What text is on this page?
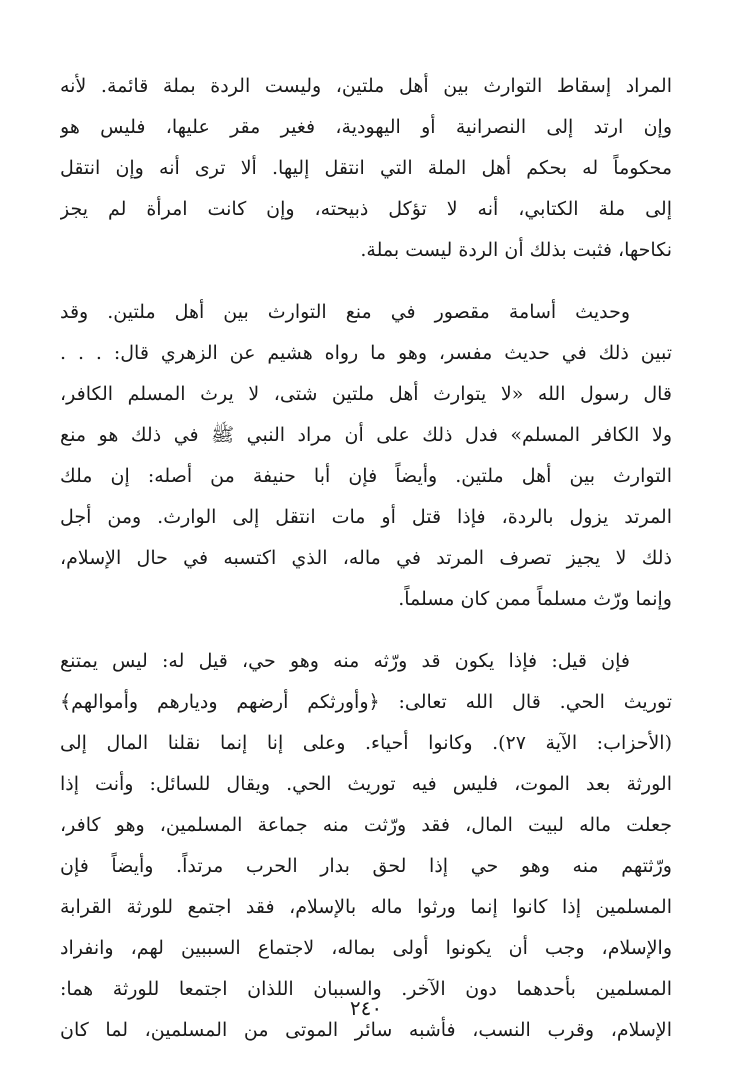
المراد إسقاط التوارث بين أهل ملتين، وليست الردة بملة قائمة. لأنه
وإن ارتد إلى النصرانية أو اليهودية، فغير مقر عليها، فليس هو
محكوماً له بحكم أهل الملة التي انتقل إليها. ألا ترى أنه وإن انتقل
إلى ملة الكتابي، أنه لا تؤكل ذبيحته، وإن كانت امرأة لم يجز
نكاحها، فثبت بذلك أن الردة ليست بملة.
وحديث أسامة مقصور في منع التوارث بين أهل ملتين. وقد
تبين ذلك في حديث مفسر، وهو ما رواه هشيم عن الزهري قال: . . .
قال رسول الله «لا يتوارث أهل ملتين شتى، لا يرث المسلم الكافر،
ولا الكافر المسلم» فدل ذلك على أن مراد النبي ﷺ في ذلك هو منع
التوارث بين أهل ملتين. وأيضاً فإن أبا حنيفة من أصله: إن ملك
المرتد يزول بالردة، فإذا قتل أو مات انتقل إلى الوارث. ومن أجل
ذلك لا يجيز تصرف المرتد في ماله، الذي اكتسبه في حال الإسلام،
وإنما ورّث مسلماً ممن كان مسلماً.
فإن قيل: فإذا يكون قد ورّثه منه وهو حي، قيل له: ليس يمتنع
توريث الحي. قال الله تعالى: ﴿وأورثكم أرضهم وديارهم وأموالهم﴾
(الأحزاب: الآية ٢٧). وكانوا أحياء. وعلى إنا إنما نقلنا المال إلى
الورثة بعد الموت، فليس فيه توريث الحي. ويقال للسائل: وأنت إذا
جعلت ماله لبيت المال، فقد ورّثت منه جماعة المسلمين، وهو كافر،
ورّثتهم منه وهو حي إذا لحق بدار الحرب مرتداً. وأيضاً فإن
المسلمين إذا كانوا إنما ورثوا ماله بالإسلام، فقد اجتمع للورثة القرابة
والإسلام، وجب أن يكونوا أولى بماله، لاجتماع السببين لهم، وانفراد
المسلمين بأحدهما دون الآخر. والسببان اللذان اجتمعا للورثة هما:
الإسلام، وقرب النسب، فأشبه سائر الموتى من المسلمين، لما كان
٢٤٠
